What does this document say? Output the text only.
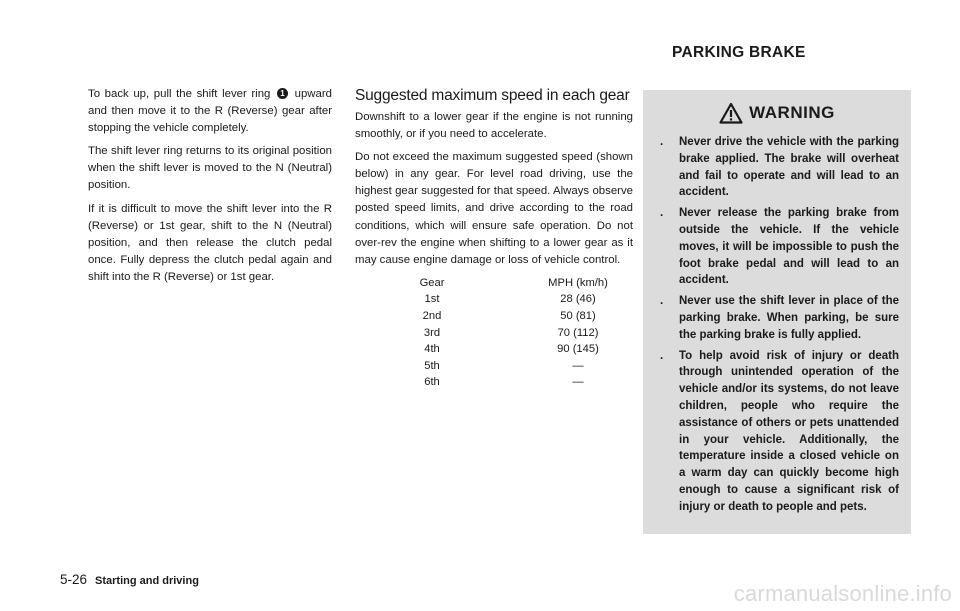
To back up, pull the shift lever ring 1 upward and then move it to the R (Reverse) gear after stopping the vehicle completely.

The shift lever ring returns to its original position when the shift lever is moved to the N (Neutral) position.

If it is difficult to move the shift lever into the R (Reverse) or 1st gear, shift to the N (Neutral) position, and then release the clutch pedal once. Fully depress the clutch pedal again and shift into the R (Reverse) or 1st gear.

Suggested maximum speed in each gear

Downshift to a lower gear if the engine is not running smoothly, or if you need to accelerate.

Do not exceed the maximum suggested speed (shown below) in any gear. For level road driving, use the highest gear suggested for that speed. Always observe posted speed limits, and drive according to the road conditions, which will ensure safe operation. Do not over-rev the engine when shifting to a lower gear as it may cause engine damage or loss of vehicle control.

Gear		MPH (km/h)
1st		28 (46)
2nd		50 (81)
3rd		70 (112)
4th		90 (145)
5th		—
6th		—
PARKING BRAKE
WARNING
. Never drive the vehicle with the parking brake applied. The brake will overheat and fail to operate and will lead to an accident.
. Never release the parking brake from outside the vehicle. If the vehicle moves, it will be impossible to push the foot brake pedal and will lead to an accident.
. Never use the shift lever in place of the parking brake. When parking, be sure the parking brake is fully applied.
. To help avoid risk of injury or death through unintended operation of the vehicle and/or its systems, do not leave children, people who require the assistance of others or pets unattended in your vehicle. Additionally, the temperature inside a closed vehicle on a warm day can quickly become high enough to cause a significant risk of injury or death to people and pets.
5-26 Starting and driving	carmanualsonline.info
